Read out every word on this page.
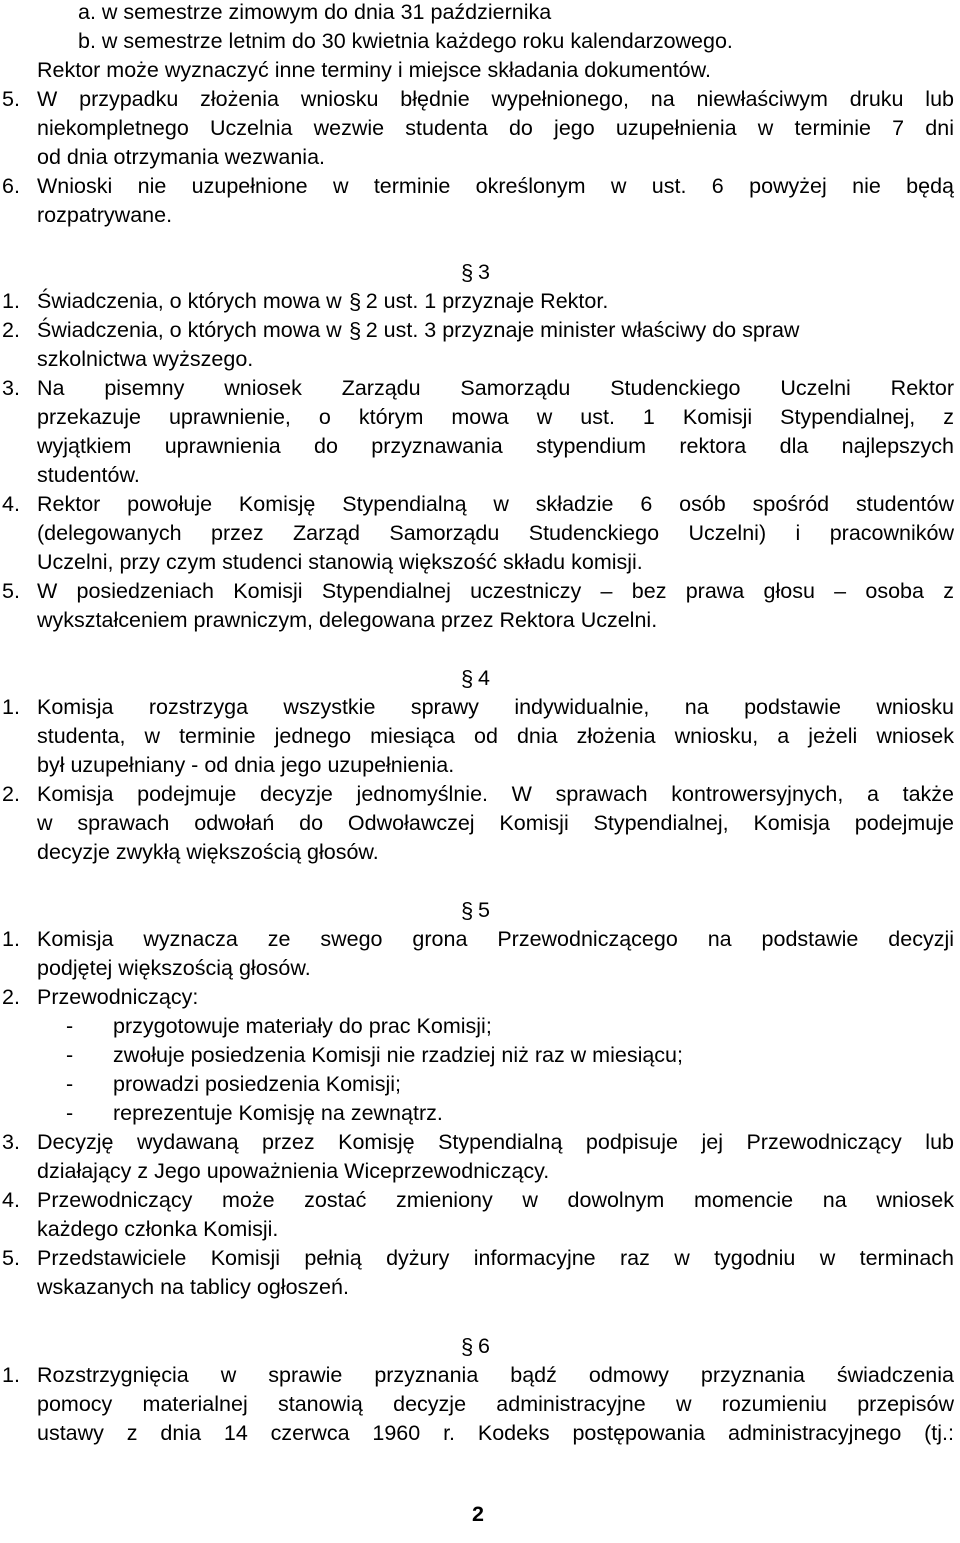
a. w semestrze zimowym do dnia 31 października
b. w semestrze letnim do 30 kwietnia każdego roku kalendarzowego.
Rektor może wyznaczyć inne terminy i miejsce składania dokumentów.
5. W przypadku złożenia wniosku błędnie wypełnionego, na niewłaściwym druku lub
niekompletnego Uczelnia wezwie studenta do jego uzupełnienia w terminie 7 dni
od dnia otrzymania wezwania.
6. Wnioski nie uzupełnione w terminie określonym w ust. 6 powyżej nie będą
rozpatrywane.
§ 3
1. Świadczenia, o których mowa w § 2 ust. 1 przyznaje Rektor.
2. Świadczenia, o których mowa w § 2 ust. 3 przyznaje minister właściwy do spraw
szkolnictwa wyższego.
3. Na pisemny wniosek Zarządu Samorządu Studenckiego Uczelni Rektor
przekazuje uprawnienie, o którym mowa w ust. 1 Komisji Stypendialnej, z
wyjątkiem uprawnienia do przyznawania stypendium rektora dla najlepszych
studentów.
4. Rektor powołuje Komisję Stypendialną w składzie 6 osób spośród studentów
(delegowanych przez Zarząd Samorządu Studenckiego Uczelni) i pracowników
Uczelni, przy czym studenci stanowią większość składu komisji.
5. W posiedzeniach Komisji Stypendialnej uczestniczy – bez prawa głosu – osoba z
wykształceniem prawniczym, delegowana przez Rektora Uczelni.
§ 4
1. Komisja rozstrzyga wszystkie sprawy indywidualnie, na podstawie wniosku
studenta, w terminie jednego miesiąca od dnia złożenia wniosku, a jeżeli wniosek
był uzupełniany - od dnia jego uzupełnienia.
2. Komisja podejmuje decyzje jednomyślnie. W sprawach kontrowersyjnych, a także
w sprawach odwołań do Odwoławczej Komisji Stypendialnej, Komisja podejmuje
decyzje zwykłą większością głosów.
§ 5
1. Komisja wyznacza ze swego grona Przewodniczącego na podstawie decyzji
podjętej większością głosów.
2. Przewodniczący:
- przygotowuje materiały do prac Komisji;
- zwołuje posiedzenia Komisji nie rzadziej niż raz w miesiącu;
- prowadzi posiedzenia Komisji;
- reprezentuje Komisję na zewnątrz.
3. Decyzję wydawaną przez Komisję Stypendialną podpisuje jej Przewodniczący lub
działający z Jego upoważnienia Wiceprzewodniczący.
4. Przewodniczący może zostać zmieniony w dowolnym momencie na wniosek
każdego członka Komisji.
5. Przedstawiciele Komisji pełnią dyżury informacyjne raz w tygodniu w terminach
wskazanych na tablicy ogłoszeń.
§ 6
1. Rozstrzygnięcia w sprawie przyznania bądź odmowy przyznania świadczenia
pomocy materialnej stanowią decyzje administracyjne w rozumieniu przepisów
ustawy z dnia 14 czerwca 1960 r. Kodeks postępowania administracyjnego (tj.:
2
